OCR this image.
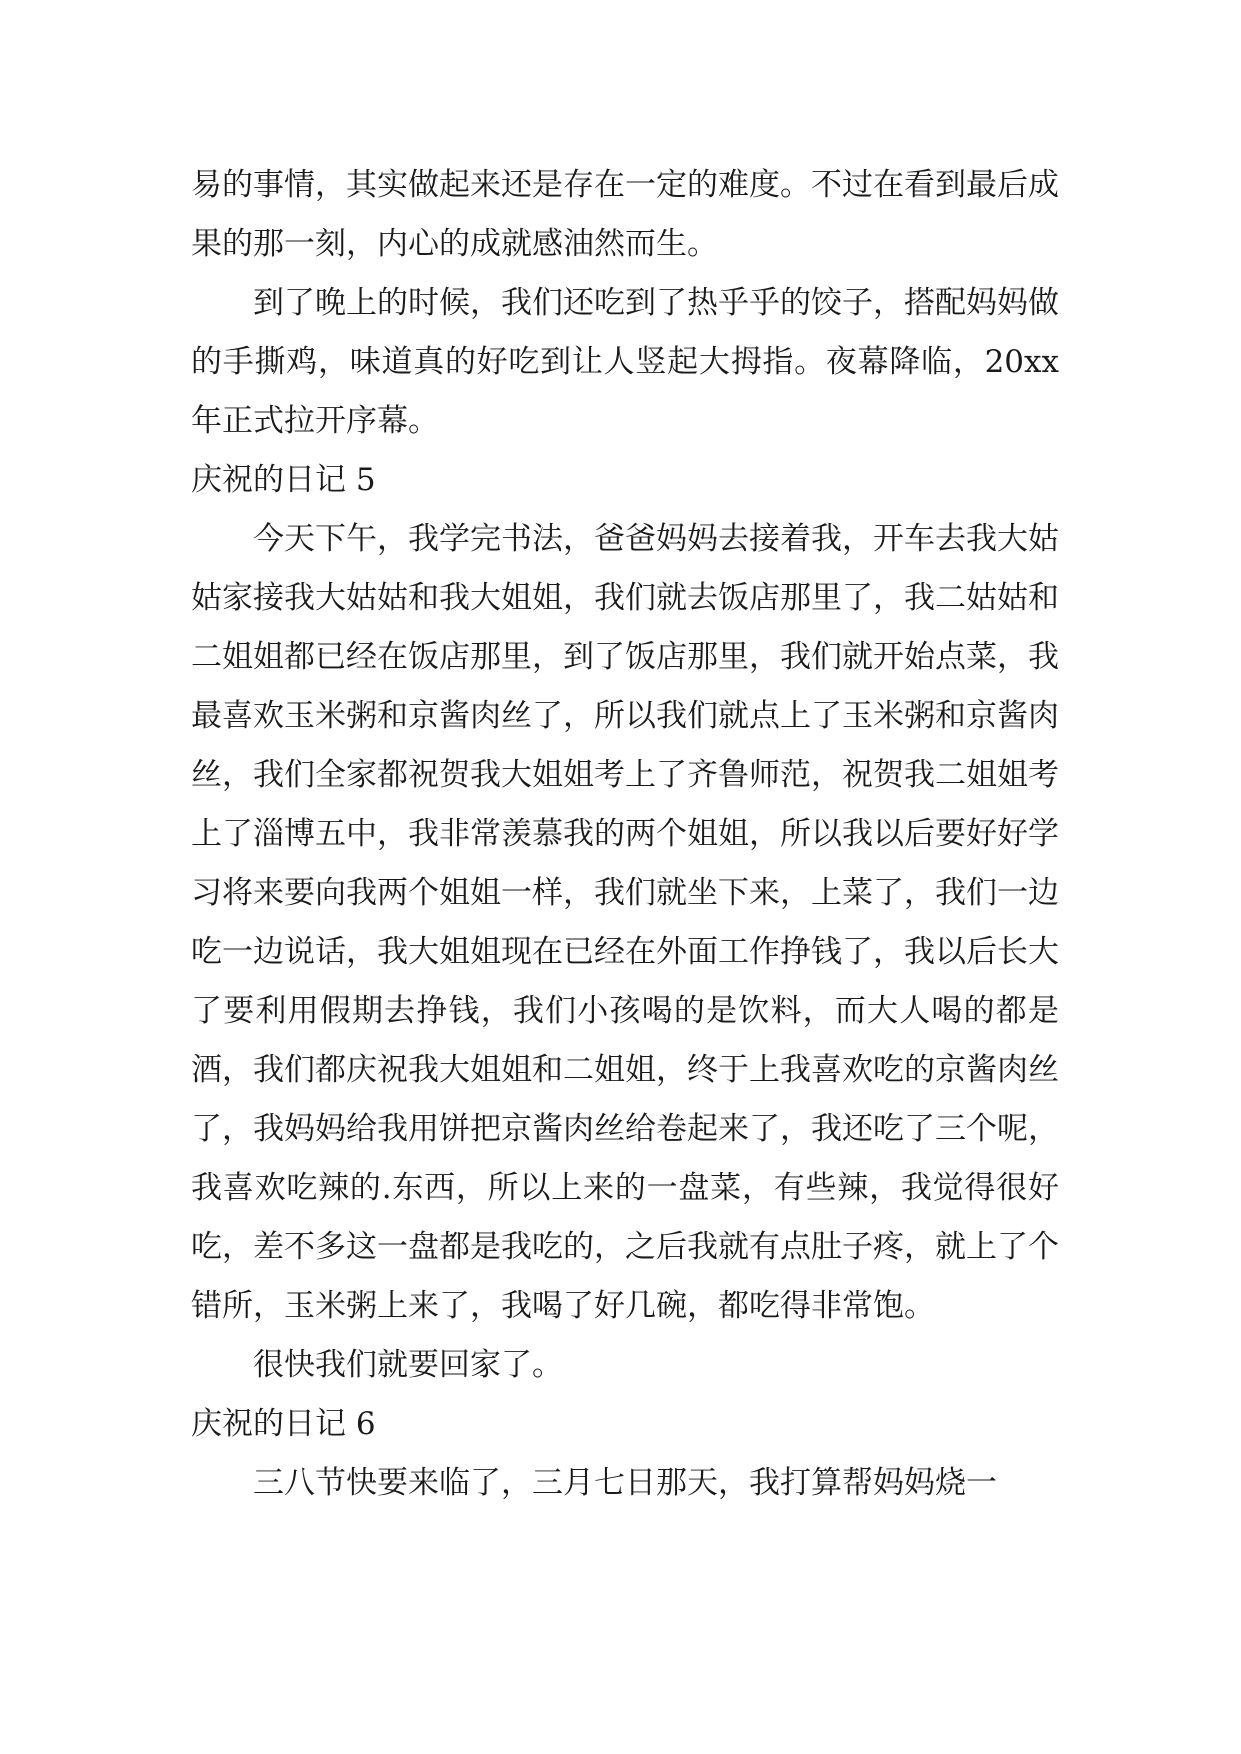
易的事情，其实做起来还是存在一定的难度。不过在看到最后成果的那一刻，内心的成就感油然而生。

到了晚上的时候，我们还吃到了热乎乎的饺子，搭配妈妈做的手撕鸡，味道真的好吃到让人竖起大拇指。夜幕降临，20xx 年正式拉开序幕。

庆祝的日记 5

今天下午，我学完书法，爸爸妈妈去接着我，开车去我大姑姑家接我大姑姑和我大姐姐，我们就去饭店那里了，我二姑姑和二姐姐都已经在饭店那里，到了饭店那里，我们就开始点菜，我最喜欢玉米粥和京酱肉丝了，所以我们就点上了玉米粥和京酱肉丝，我们全家都祝贺我大姐姐考上了齐鲁师范，祝贺我二姐姐考上了淄博五中，我非常羡慕我的两个姐姐，所以我以后要好好学习将来要向我两个姐姐一样，我们就坐下来，上菜了，我们一边吃一边说话，我大姐姐现在已经在外面工作挣钱了，我以后长大了要利用假期去挣钱，我们小孩喝的是饮料，而大人喝的都是酒，我们都庆祝我大姐姐和二姐姐，终于上我喜欢吃的京酱肉丝了，我妈妈给我用饼把京酱肉丝给卷起来了，我还吃了三个呢，我喜欢吃辣的.东西，所以上来的一盘菜，有些辣，我觉得很好吃，差不多这一盘都是我吃的，之后我就有点肚子疼，就上了个错所，玉米粥上来了，我喝了好几碗，都吃得非常饱。

很快我们就要回家了。

庆祝的日记 6

三八节快要来临了，三月七日那天，我打算帮妈妈烧一
